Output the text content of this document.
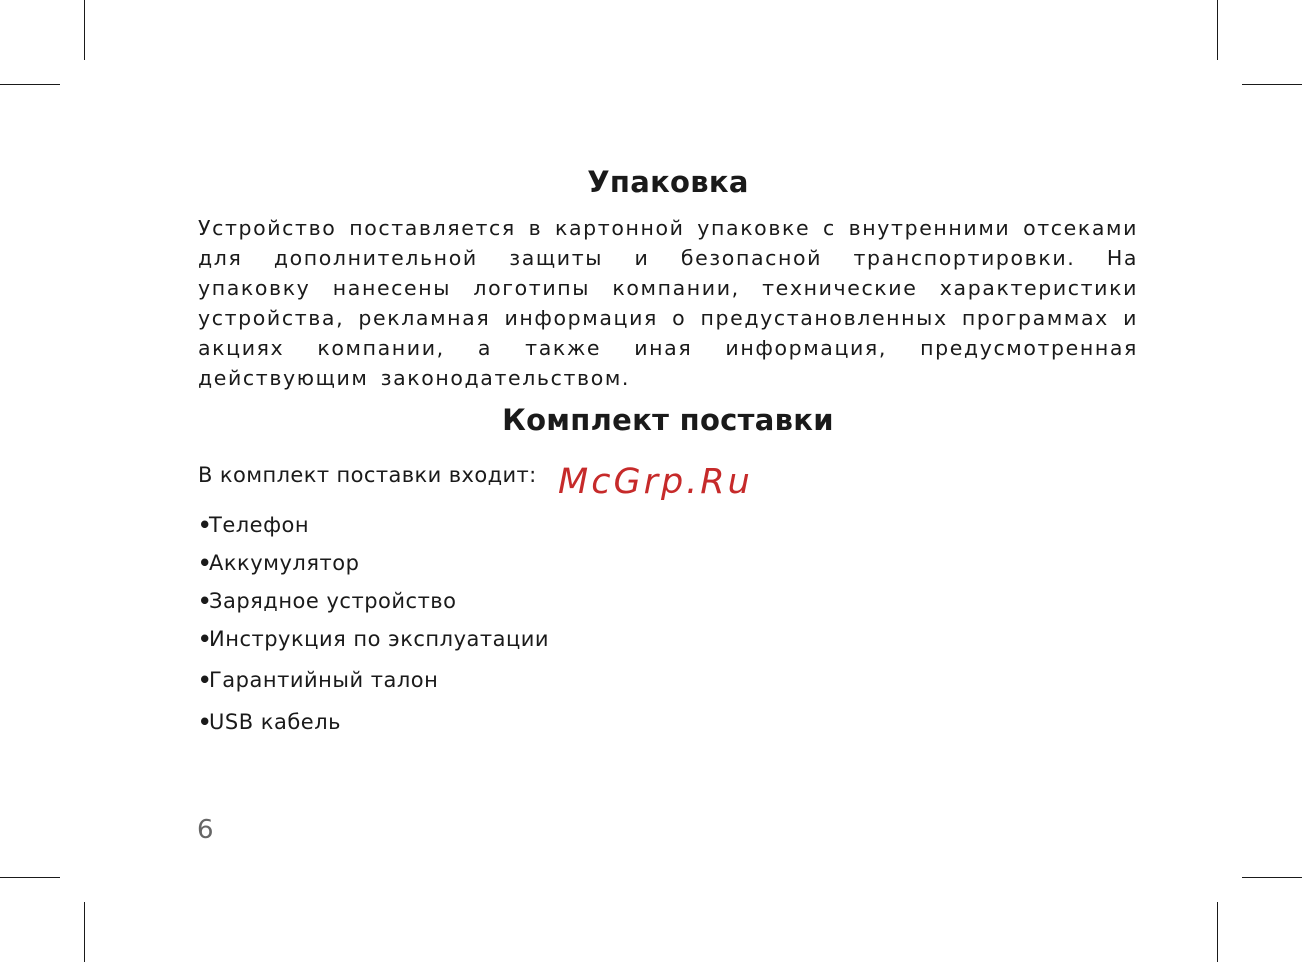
Упаковка

Устройство поставляется в картонной упаковке с внутренними отсеками для дополнительной защиты и безопасной транспортировки. На упаковку нанесены логотипы компании, технические характеристики устройства, рекламная информация о предустановленных программах и акциях компании, а также иная информация, предусмотренная действующим законодательством.

Комплект поставки

В комплект поставки входит:

•Телефон
•Аккумулятор
•Зарядное устройство
•Инструкция по эксплуатации
•Гарантийный талон
•USB кабель
McGrp.Ru
6
